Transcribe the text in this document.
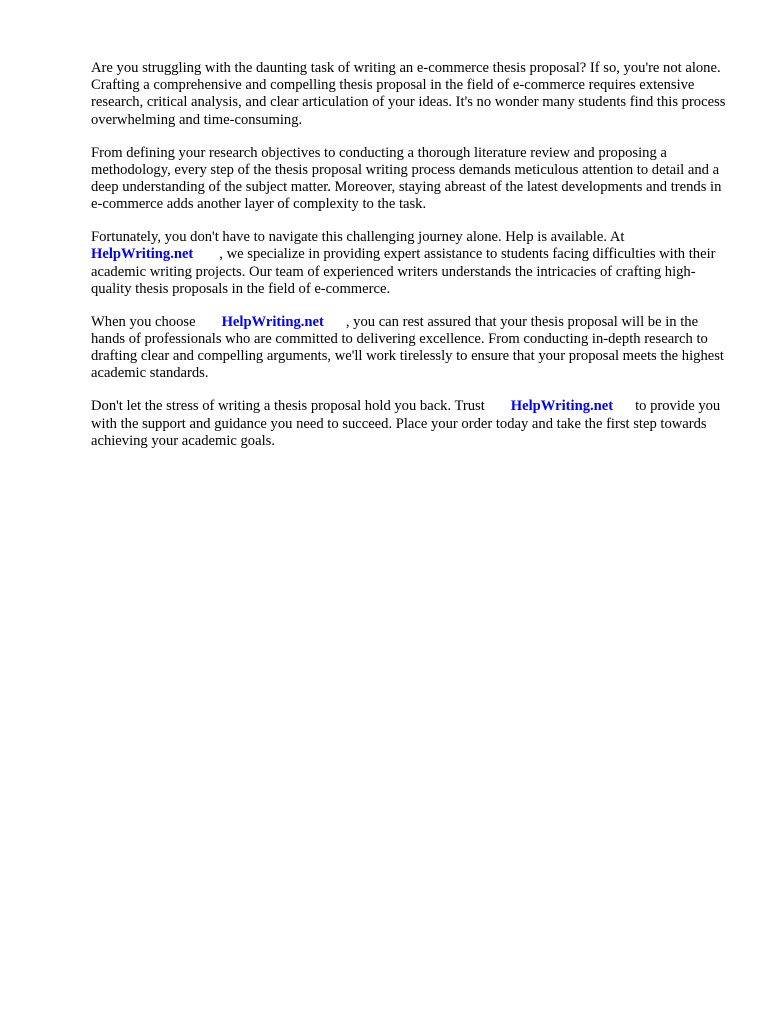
Are you struggling with the daunting task of writing an e-commerce thesis proposal? If so, you're not alone. Crafting a comprehensive and compelling thesis proposal in the field of e-commerce requires extensive research, critical analysis, and clear articulation of your ideas. It's no wonder many students find this process overwhelming and time-consuming.

From defining your research objectives to conducting a thorough literature review and proposing a methodology, every step of the thesis proposal writing process demands meticulous attention to detail and a deep understanding of the subject matter. Moreover, staying abreast of the latest developments and trends in e-commerce adds another layer of complexity to the task.

Fortunately, you don't have to navigate this challenging journey alone. Help is available. At
HelpWriting.net , we specialize in providing expert assistance to students facing difficulties with their academic writing projects. Our team of experienced writers understands the intricacies of crafting high-quality thesis proposals in the field of e-commerce.

When you choose HelpWriting.net , you can rest assured that your thesis proposal will be in the hands of professionals who are committed to delivering excellence. From conducting in-depth research to drafting clear and compelling arguments, we'll work tirelessly to ensure that your proposal meets the highest academic standards.

Don't let the stress of writing a thesis proposal hold you back. Trust HelpWriting.net to provide you with the support and guidance you need to succeed. Place your order today and take the first step towards achieving your academic goals.
